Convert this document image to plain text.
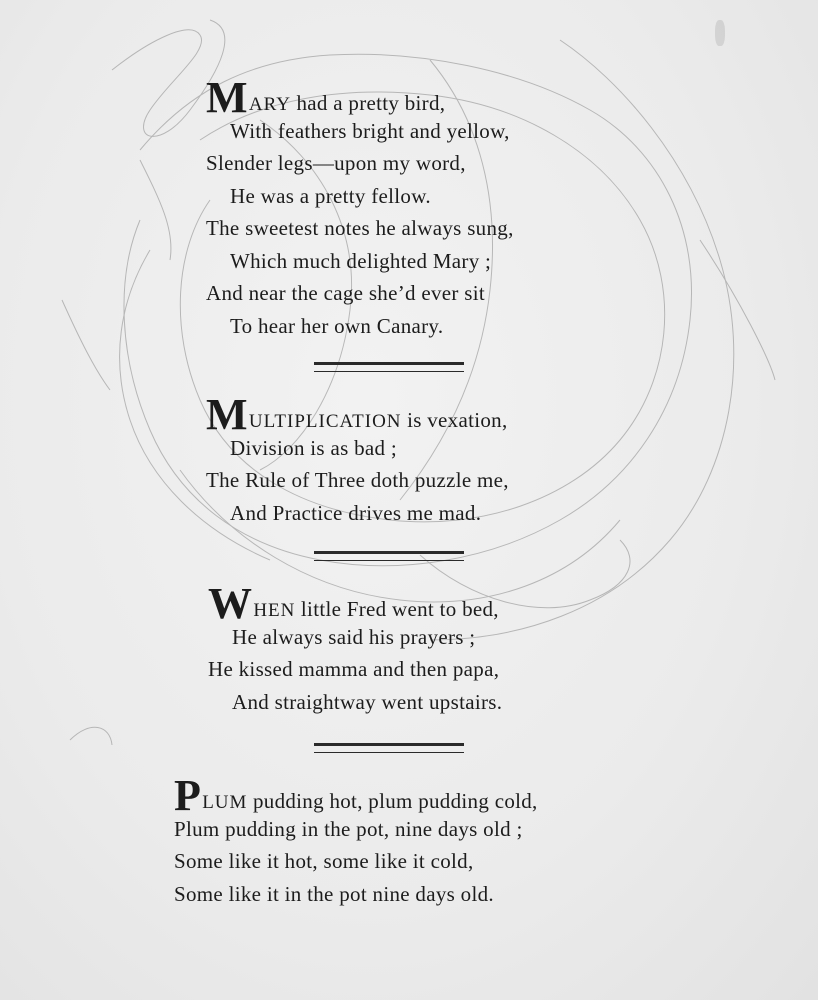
MARY had a pretty bird,
With feathers bright and yellow,
Slender legs—upon my word,
He was a pretty fellow.
The sweetest notes he always sung,
Which much delighted Mary ;
And near the cage she’d ever sit
To hear her own Canary.
MULTIPLICATION is vexation,
Division is as bad ;
The Rule of Three doth puzzle me,
And Practice drives me mad.
WHEN little Fred went to bed,
He always said his prayers ;
He kissed mamma and then papa,
And straightway went upstairs.
PLUM pudding hot, plum pudding cold,
Plum pudding in the pot, nine days old ;
Some like it hot, some like it cold,
Some like it in the pot nine days old.
